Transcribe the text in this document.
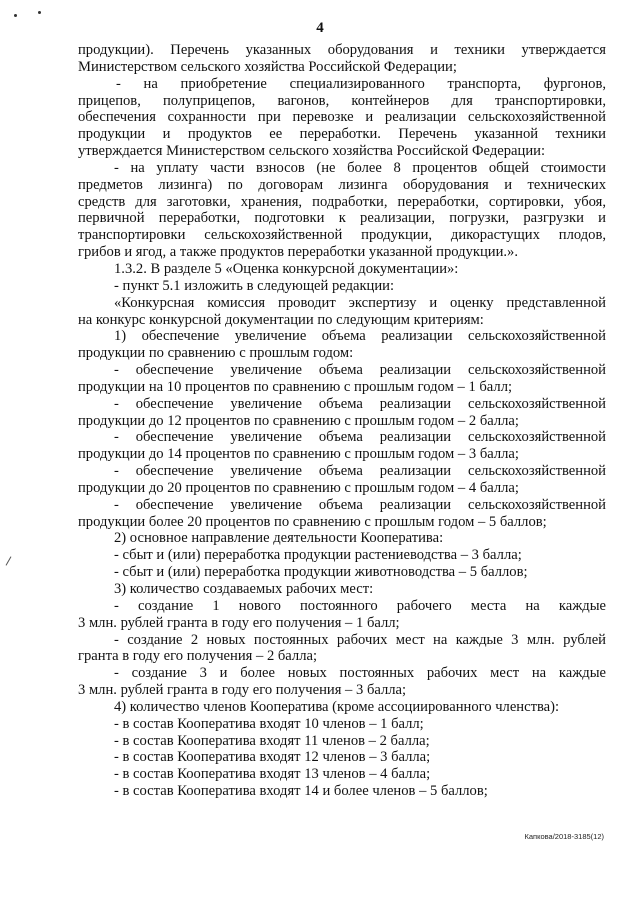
4
продукции). Перечень указанных оборудования и техники утверждается
Министерством сельского хозяйства Российской Федерации;
- на приобретение специализированного транспорта, фургонов,
прицепов, полуприцепов, вагонов, контейнеров для транспортировки,
обеспечения сохранности при перевозке и реализации сельскохозяйственной
продукции и продуктов ее переработки. Перечень указанной техники
утверждается Министерством сельского хозяйства Российской Федерации:
- на уплату части взносов (не более 8 процентов общей стоимости
предметов лизинга) по договорам лизинга оборудования и технических
средств для заготовки, хранения, подработки, переработки, сортировки, убоя,
первичной переработки, подготовки к реализации, погрузки, разгрузки и
транспортировки сельскохозяйственной продукции, дикорастущих плодов,
грибов и ягод, а также продуктов переработки указанной продукции.».
1.3.2. В разделе 5 «Оценка конкурсной документации»:
- пункт 5.1 изложить в следующей редакции:
«Конкурсная комиссия проводит экспертизу и оценку представленной
на конкурс конкурсной документации по следующим критериям:
1) обеспечение увеличение объема реализации сельскохозяйственной
продукции по сравнению с прошлым годом:
- обеспечение увеличение объема реализации сельскохозяйственной
продукции на 10 процентов по сравнению с прошлым годом – 1 балл;
- обеспечение увеличение объема реализации сельскохозяйственной
продукции до 12 процентов по сравнению с прошлым годом – 2 балла;
- обеспечение увеличение объема реализации сельскохозяйственной
продукции до 14 процентов по сравнению с прошлым годом – 3 балла;
- обеспечение увеличение объема реализации сельскохозяйственной
продукции до 20 процентов по сравнению с прошлым годом – 4 балла;
- обеспечение увеличение объема реализации сельскохозяйственной
продукции более 20 процентов по сравнению с прошлым годом – 5 баллов;
2) основное направление деятельности Кооператива:
- сбыт и (или) переработка продукции растениеводства – 3 балла;
- сбыт и (или) переработка продукции животноводства – 5 баллов;
3) количество создаваемых рабочих мест:
- создание 1 нового постоянного рабочего места на каждые
3 млн. рублей гранта в году его получения – 1 балл;
- создание 2 новых постоянных рабочих мест на каждые 3 млн. рублей
гранта в году его получения – 2 балла;
- создание 3 и более новых постоянных рабочих мест на каждые
3 млн. рублей гранта в году его получения – 3 балла;
4) количество членов Кооператива (кроме ассоциированного членства):
- в состав Кооператива входят 10 членов – 1 балл;
- в состав Кооператива входят 11 членов – 2 балла;
- в состав Кооператива входят 12 членов – 3 балла;
- в состав Кооператива входят 13 членов – 4 балла;
- в состав Кооператива входят 14 и более членов – 5 баллов;
Капкова/2018-3185(12)
